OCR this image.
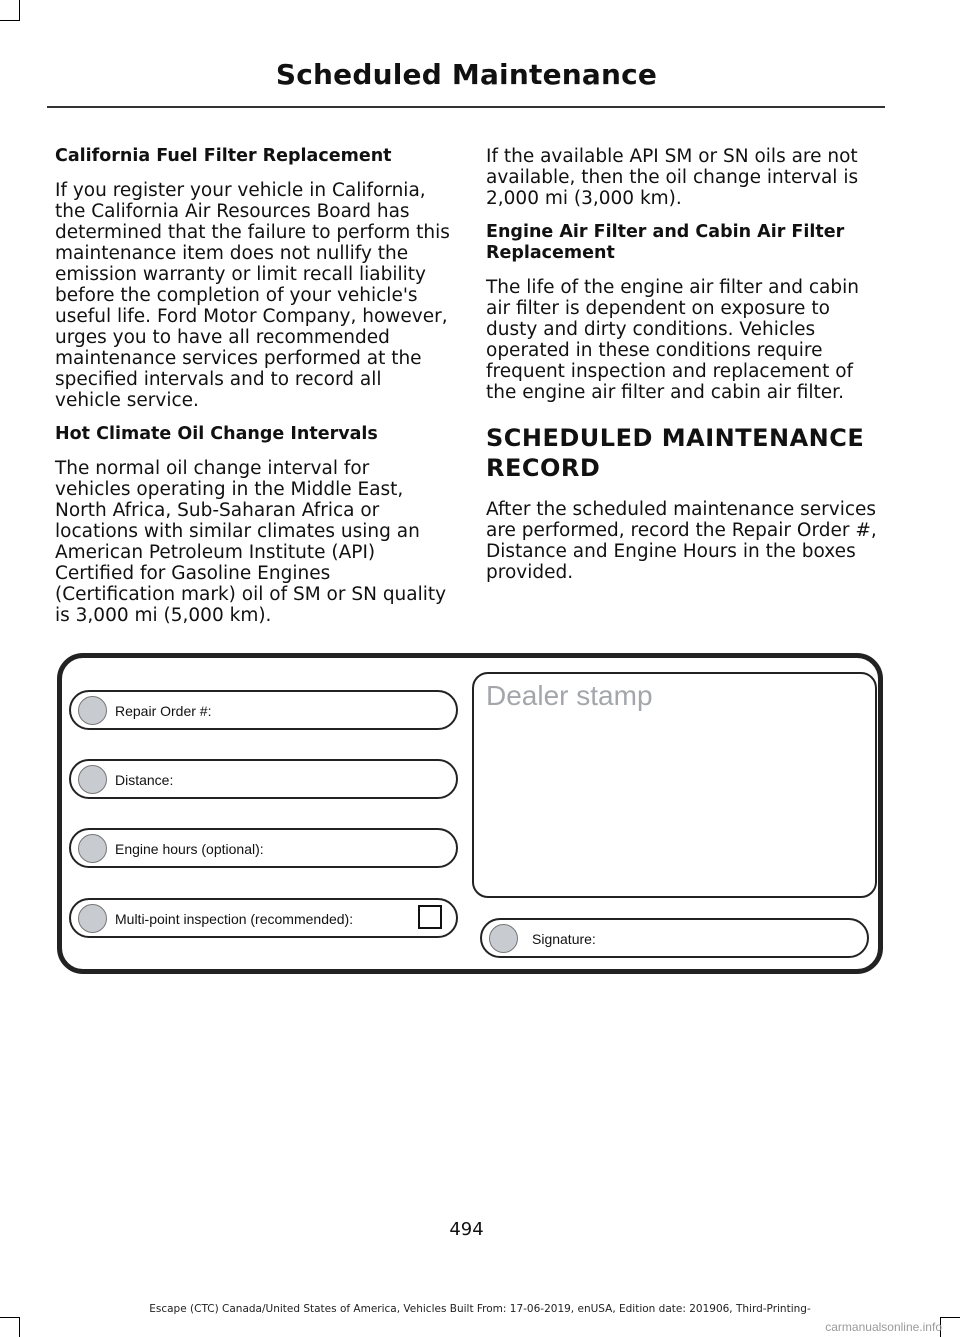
Scheduled Maintenance
California Fuel Filter Replacement

If you register your vehicle in California, the California Air Resources Board has determined that the failure to perform this maintenance item does not nullify the emission warranty or limit recall liability before the completion of your vehicle's useful life. Ford Motor Company, however, urges you to have all recommended maintenance services performed at the specified intervals and to record all vehicle service.

Hot Climate Oil Change Intervals

The normal oil change interval for vehicles operating in the Middle East, North Africa, Sub-Saharan Africa or locations with similar climates using an American Petroleum Institute (API) Certified for Gasoline Engines (Certification mark) oil of SM or SN quality is 3,000 mi (5,000 km).

If the available API SM or SN oils are not available, then the oil change interval is 2,000 mi (3,000 km).

Engine Air Filter and Cabin Air Filter Replacement

The life of the engine air filter and cabin air filter is dependent on exposure to dusty and dirty conditions. Vehicles operated in these conditions require frequent inspection and replacement of the engine air filter and cabin air filter.

SCHEDULED MAINTENANCE RECORD

After the scheduled maintenance services are performed, record the Repair Order #, Distance and Engine Hours in the boxes provided.

Repair Order #:
Distance:
Engine hours (optional):
Multi-point inspection (recommended):
Dealer stamp
Signature:
494
Escape (CTC) Canada/United States of America, Vehicles Built From: 17-06-2019, enUSA, Edition date: 201906, Third-Printing-
carmanualsonline.info
